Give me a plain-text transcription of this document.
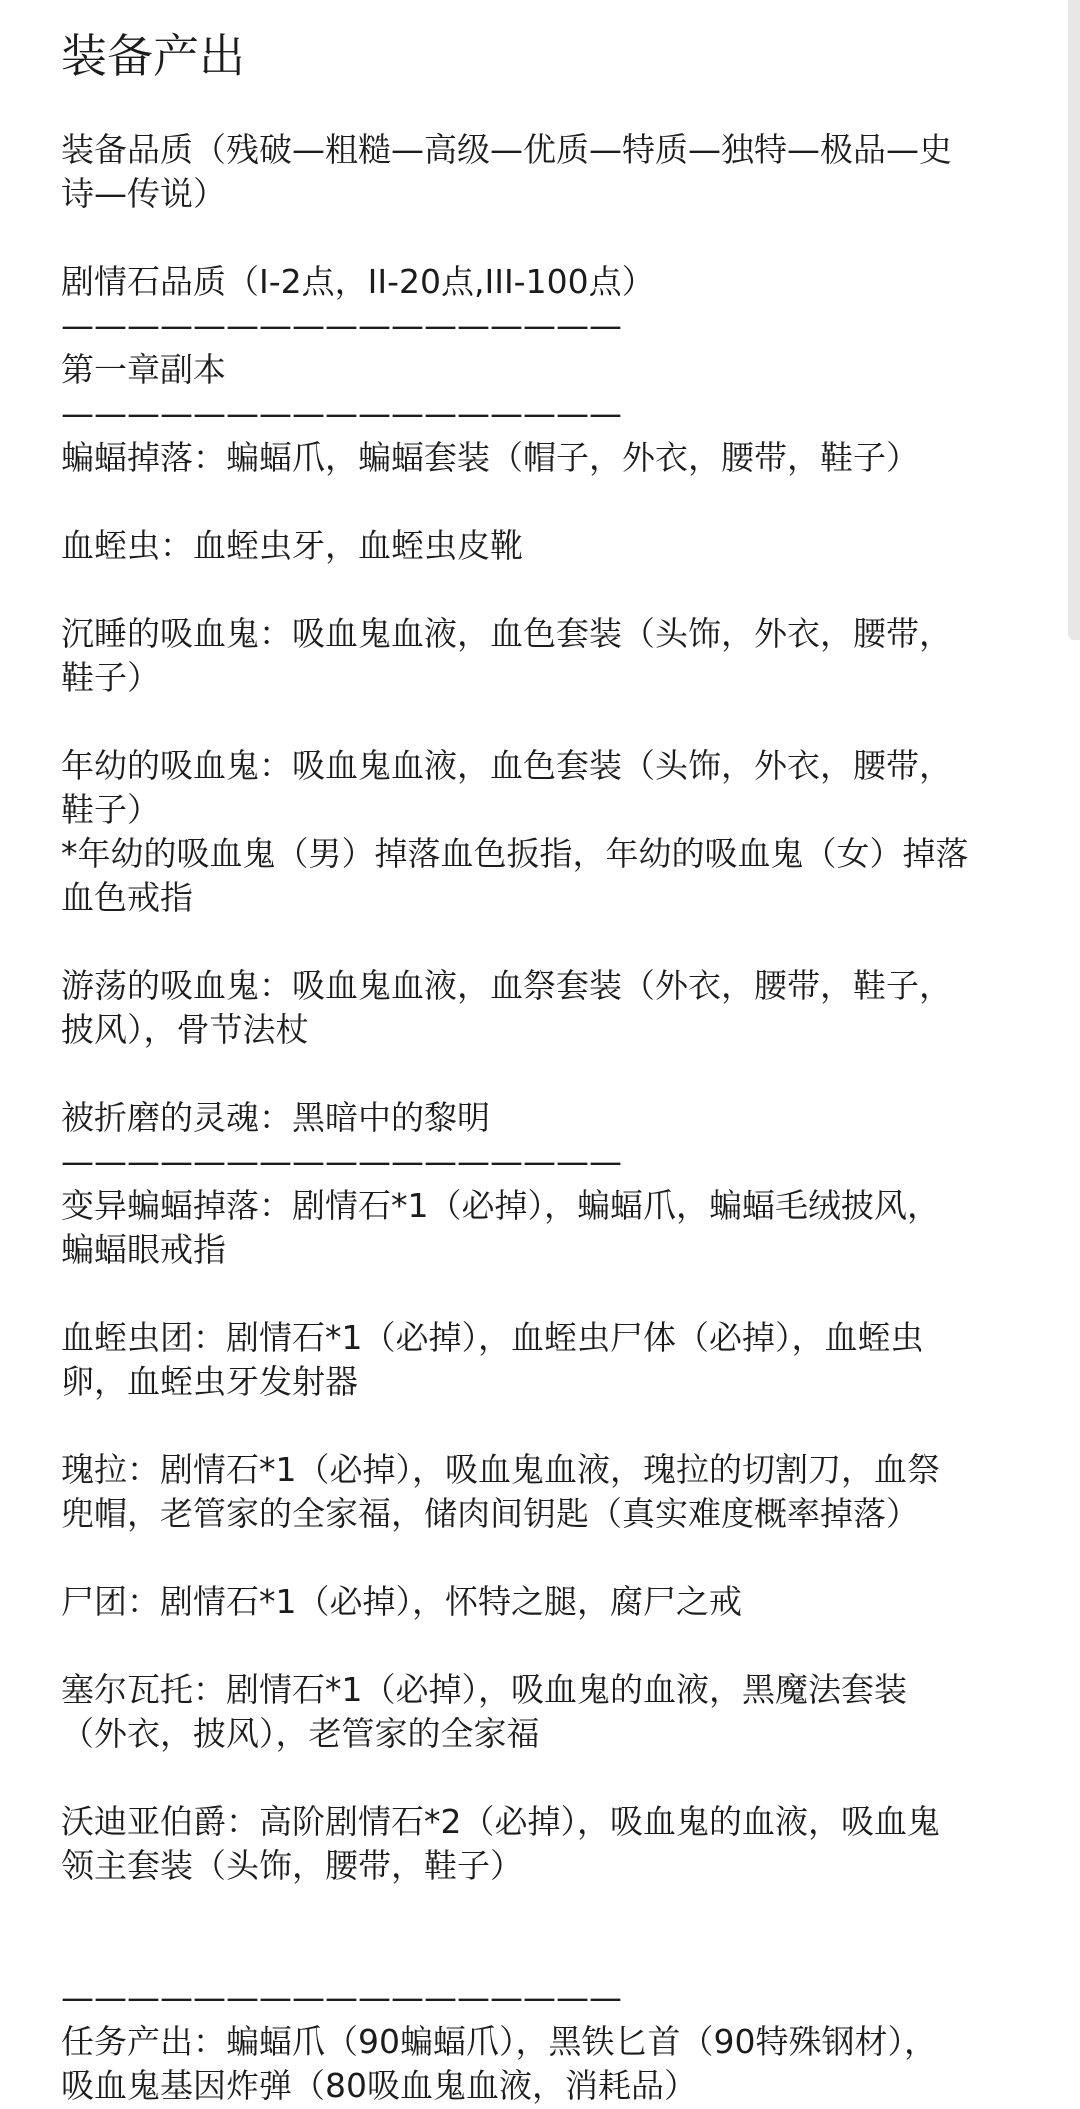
装备产出
装备品质（残破—粗糙—高级—优质—特质—独特—极品—史
诗—传说）
剧情石品质（I-2点，II-20点,III-100点）
—————————————————
第一章副本
—————————————————
蝙蝠掉落：蝙蝠爪，蝙蝠套装（帽子，外衣，腰带，鞋子）
血蛭虫：血蛭虫牙，血蛭虫皮靴
沉睡的吸血鬼：吸血鬼血液，血色套装（头饰，外衣，腰带，
鞋子）
年幼的吸血鬼：吸血鬼血液，血色套装（头饰，外衣，腰带，
鞋子）
*年幼的吸血鬼（男）掉落血色扳指，年幼的吸血鬼（女）掉落
血色戒指
游荡的吸血鬼：吸血鬼血液，血祭套装（外衣，腰带，鞋子，
披风），骨节法杖
被折磨的灵魂：黑暗中的黎明
—————————————————
变异蝙蝠掉落：剧情石*1（必掉），蝙蝠爪，蝙蝠毛绒披风，
蝙蝠眼戒指
血蛭虫团：剧情石*1（必掉），血蛭虫尸体（必掉），血蛭虫
卵，血蛭虫牙发射器
瑰拉：剧情石*1（必掉），吸血鬼血液，瑰拉的切割刀，血祭
兜帽，老管家的全家福，储肉间钥匙（真实难度概率掉落）
尸团：剧情石*1（必掉），怀特之腿，腐尸之戒
塞尔瓦托：剧情石*1（必掉），吸血鬼的血液，黑魔法套装
（外衣，披风），老管家的全家福
沃迪亚伯爵：高阶剧情石*2（必掉），吸血鬼的血液，吸血鬼
领主套装（头饰，腰带，鞋子）
—————————————————
任务产出：蝙蝠爪（90蝙蝠爪），黑铁匕首（90特殊钢材），
吸血鬼基因炸弹（80吸血鬼血液，消耗品）
